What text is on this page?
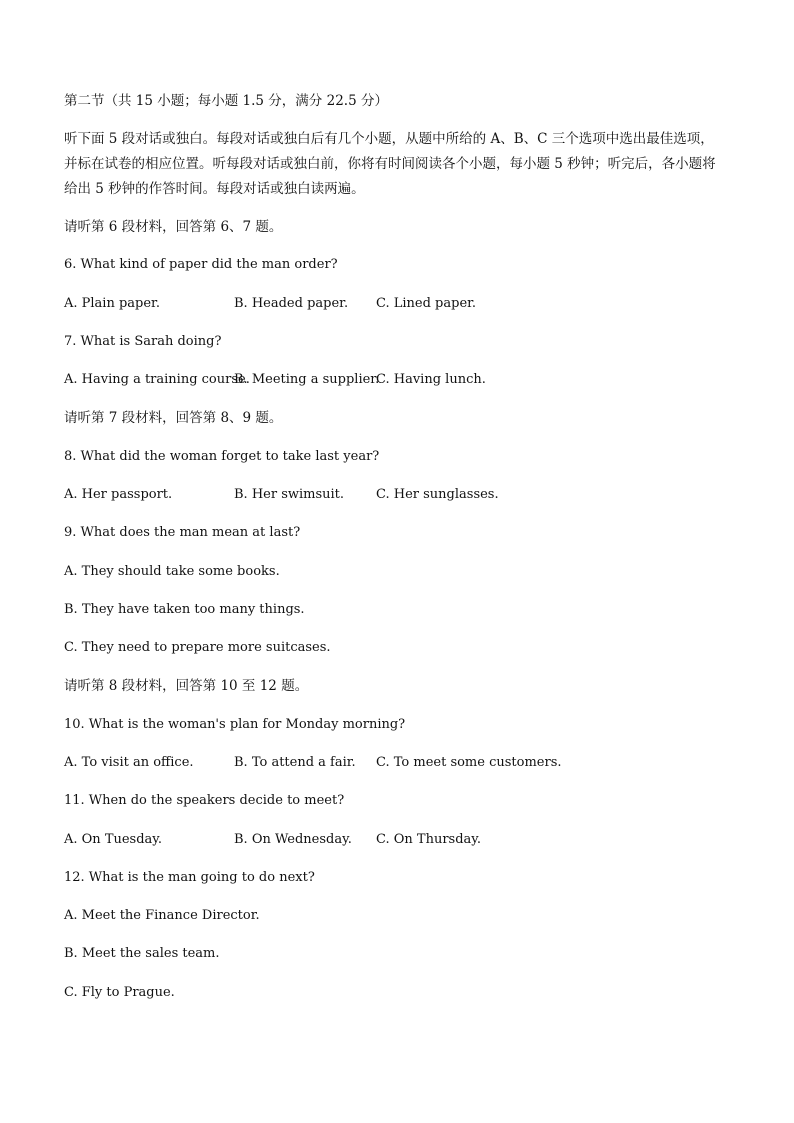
第二节（共 15 小题；每小题 1.5 分，满分 22.5 分）
听下面 5 段对话或独白。每段对话或独白后有几个小题，从题中所给的 A、B、C 三个选项中选出最佳选项，
并标在试卷的相应位置。听每段对话或独白前，你将有时间阅读各个小题，每小题 5 秒钟；听完后，各小题将
给出 5 秒钟的作答时间。每段对话或独白读两遍。
请听第 6 段材料，回答第 6、7 题。
6. What kind of paper did the man order?
A. Plain paper.	B. Headed paper. C. Lined paper.
7. What is Sarah doing?
A. Having a training course.
B. Meeting a supplier.
C. Having lunch.
请听第 7 段材料，回答第 8、9 题。
8. What did the woman forget to take last year?
A. Her passport.	B. Her swimsuit. C. Her sunglasses.
9. What does the man mean at last?
A. They should take some books.
B. They have taken too many things.
C. They need to prepare more suitcases.
请听第 8 段材料，回答第 10 至 12 题。
10. What is the woman's plan for Monday morning?
A. To visit an office.	B. To attend a fair. C. To meet some customers.
11. When do the speakers decide to meet?
A. On Tuesday.	B. On Wednesday. C. On Thursday.
12. What is the man going to do next?
A. Meet the Finance Director.
B. Meet the sales team.
C. Fly to Prague.
